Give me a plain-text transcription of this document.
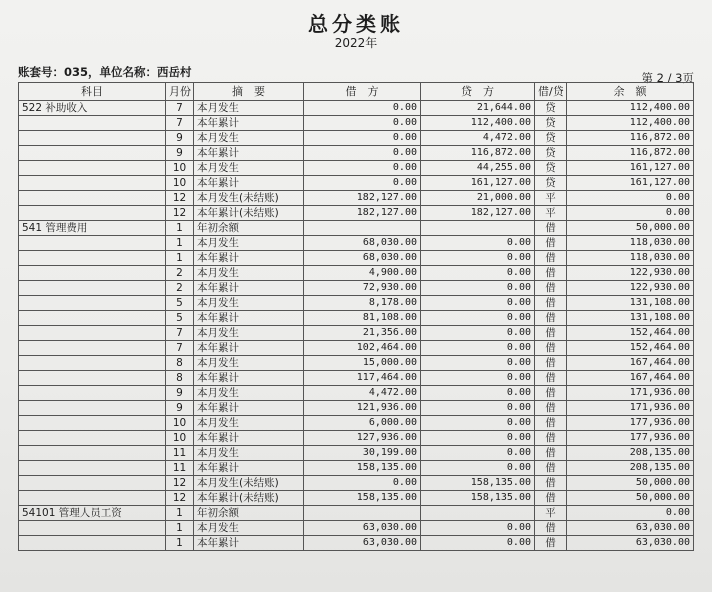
总分类账
2022年
账套号：035，单位名称：西岳村	第 2 / 3页
科目	月份	摘　要	借　方	贷　方	借/贷	余　额
522 补助收入	7	本月发生	0.00	21,644.00	贷	112,400.00
	7	本年累计	0.00	112,400.00	贷	112,400.00
	9	本月发生	0.00	4,472.00	贷	116,872.00
	9	本年累计	0.00	116,872.00	贷	116,872.00
	10	本月发生	0.00	44,255.00	贷	161,127.00
	10	本年累计	0.00	161,127.00	贷	161,127.00
	12	本月发生(未结账)	182,127.00	21,000.00	平	0.00
	12	本年累计(未结账)	182,127.00	182,127.00	平	0.00
541 管理费用	1	年初余额			借	50,000.00
	1	本月发生	68,030.00	0.00	借	118,030.00
	1	本年累计	68,030.00	0.00	借	118,030.00
	2	本月发生	4,900.00	0.00	借	122,930.00
	2	本年累计	72,930.00	0.00	借	122,930.00
	5	本月发生	8,178.00	0.00	借	131,108.00
	5	本年累计	81,108.00	0.00	借	131,108.00
	7	本月发生	21,356.00	0.00	借	152,464.00
	7	本年累计	102,464.00	0.00	借	152,464.00
	8	本月发生	15,000.00	0.00	借	167,464.00
	8	本年累计	117,464.00	0.00	借	167,464.00
	9	本月发生	4,472.00	0.00	借	171,936.00
	9	本年累计	121,936.00	0.00	借	171,936.00
	10	本月发生	6,000.00	0.00	借	177,936.00
	10	本年累计	127,936.00	0.00	借	177,936.00
	11	本月发生	30,199.00	0.00	借	208,135.00
	11	本年累计	158,135.00	0.00	借	208,135.00
	12	本月发生(未结账)	0.00	158,135.00	借	50,000.00
	12	本年累计(未结账)	158,135.00	158,135.00	借	50,000.00
54101 管理人员工资	1	年初余额			平	0.00
	1	本月发生	63,030.00	0.00	借	63,030.00
	1	本年累计	63,030.00	0.00	借	63,030.00
